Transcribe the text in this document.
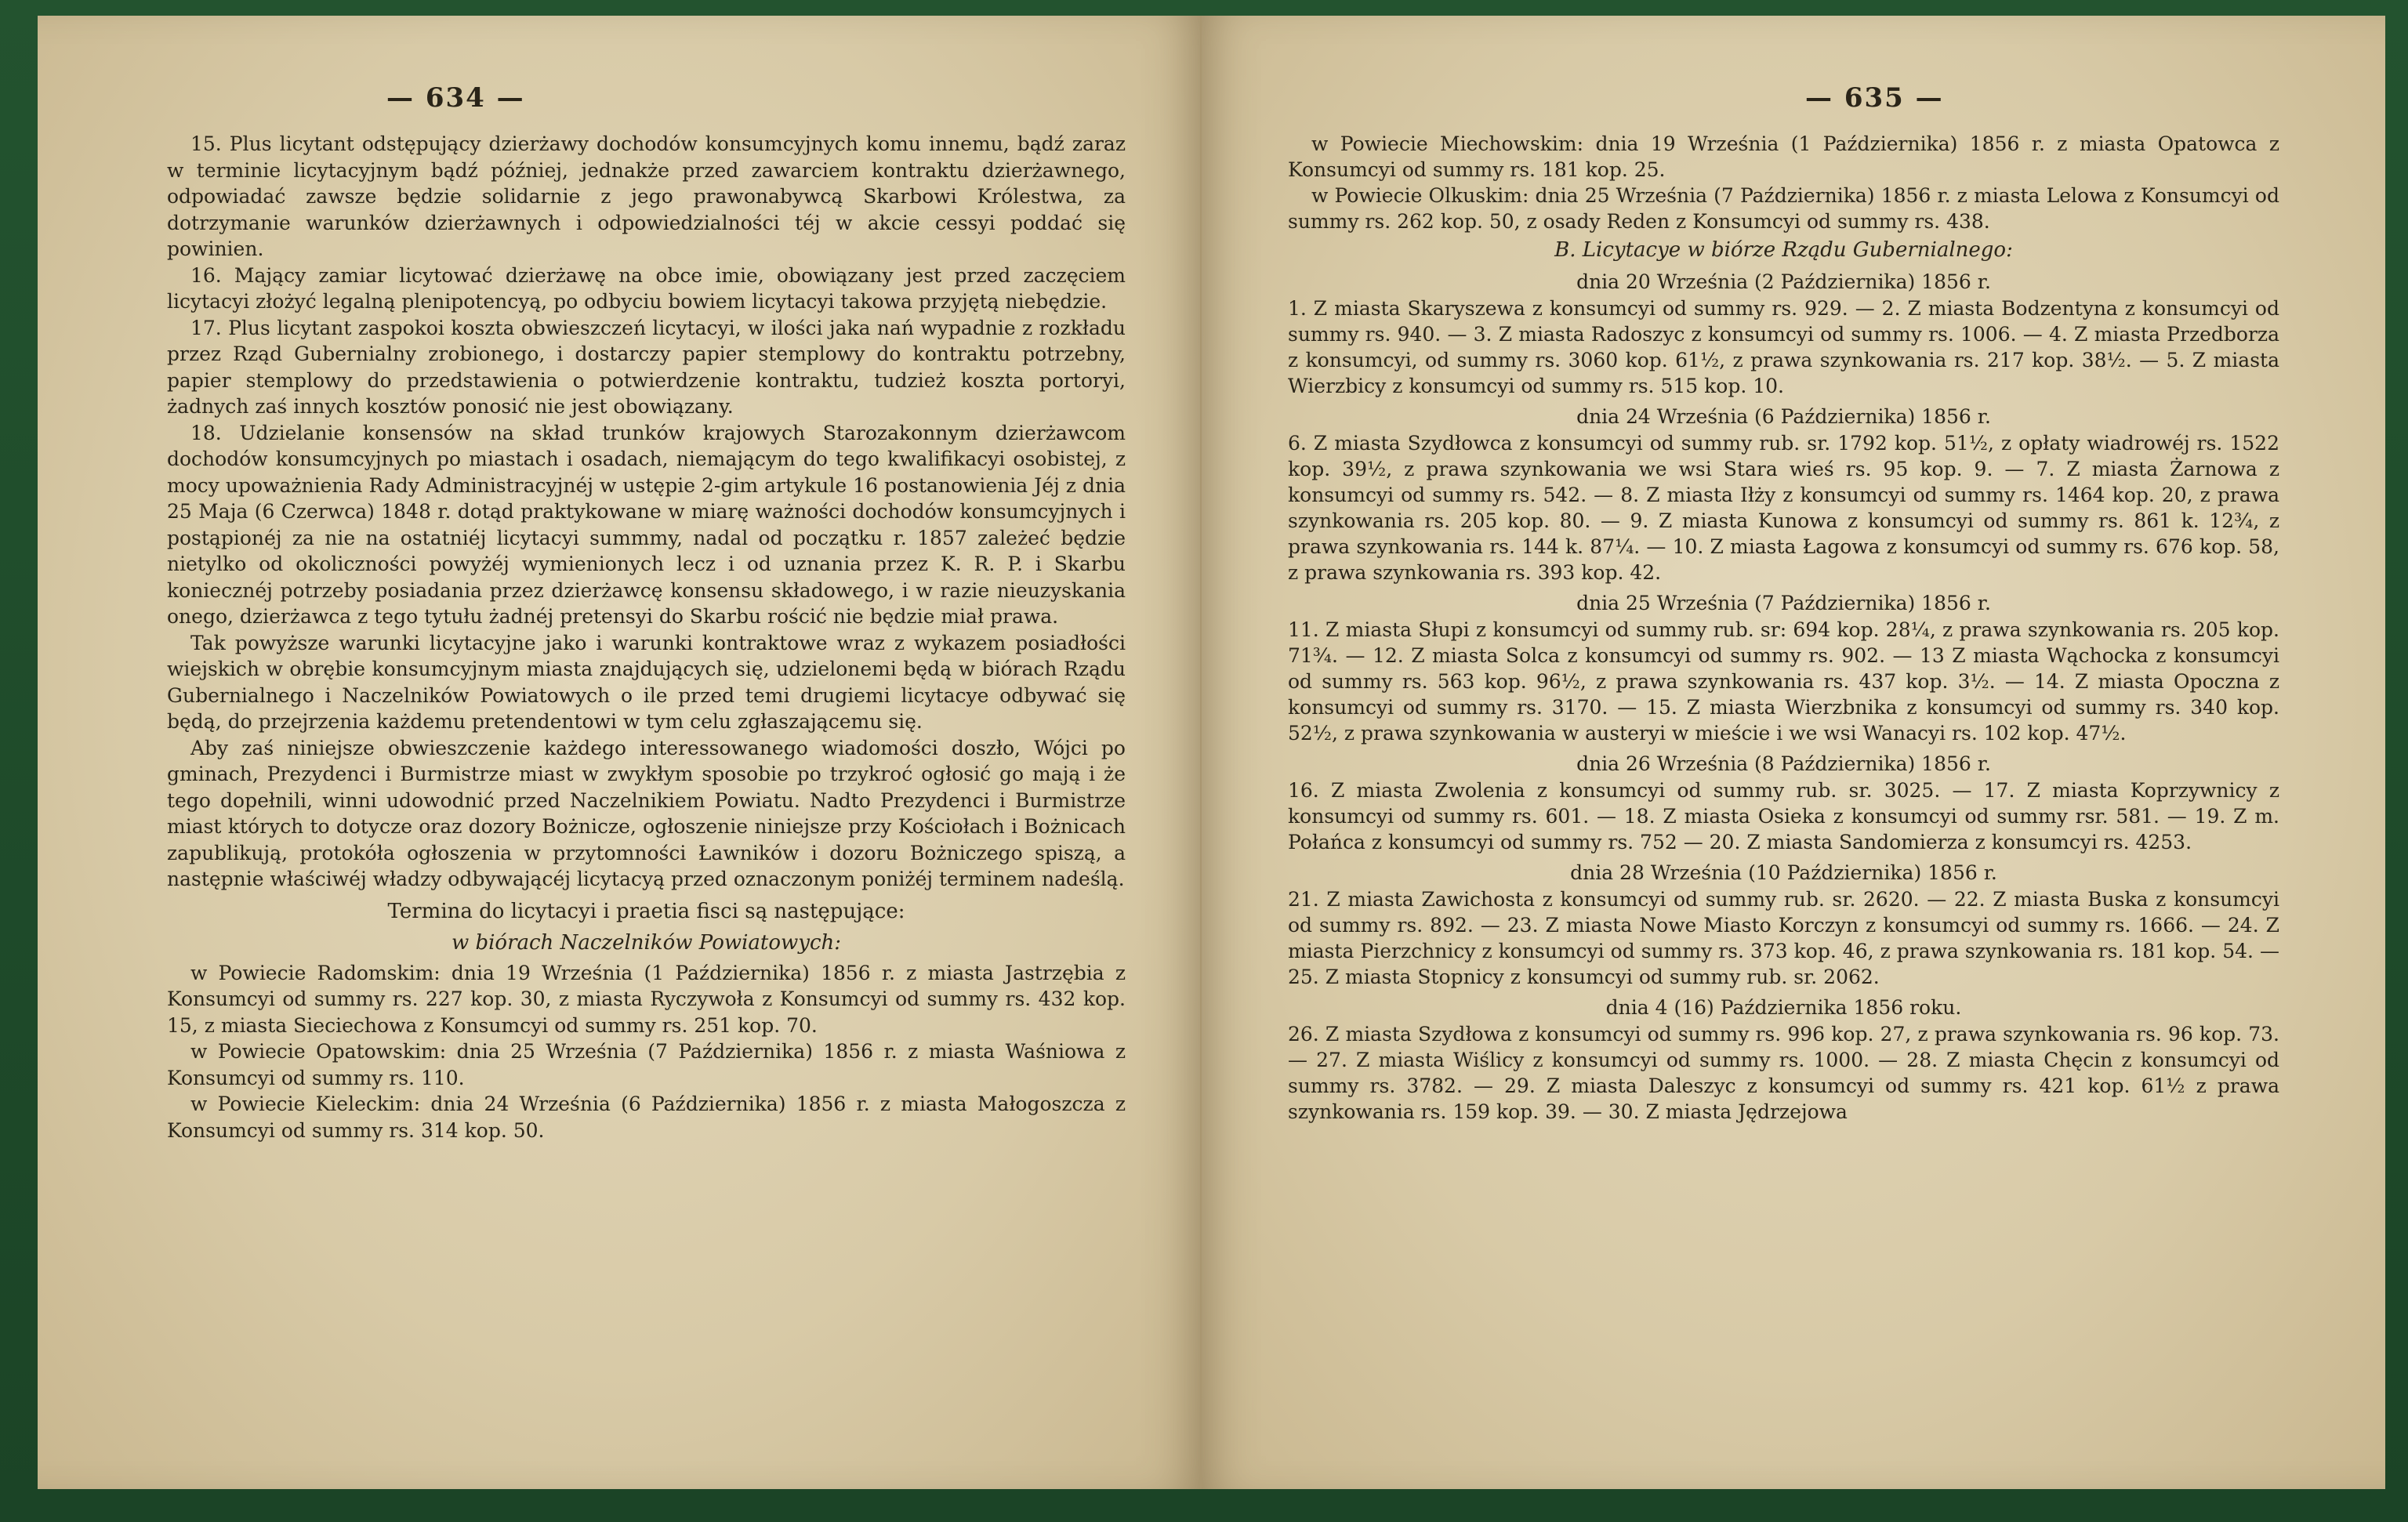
— 634 —

15. Plus licytant odstępujący dzierżawy dochodów konsumcyjnych komu innemu, bądź zaraz w terminie licytacyjnym bądź później, jednakże przed zawarciem kontraktu dzierżawnego, odpowiadać zawsze będzie solidarnie z jego prawonabywcą Skarbowi Królestwa, za dotrzymanie warunków dzierżawnych i odpowiedzialności téj w akcie cessyi poddać się powinien.

16. Mający zamiar licytować dzierżawę na obce imie, obowiązany jest przed zaczęciem licytacyi złożyć legalną plenipotencyą, po odbyciu bowiem licytacyi takowa przyjętą niebędzie.

17. Plus licytant zaspokoi koszta obwieszczeń licytacyi, w ilości jaka nań wypadnie z rozkładu przez Rząd Gubernialny zrobionego, i dostarczy papier stemplowy do kontraktu potrzebny, papier stemplowy do przedstawienia o potwierdzenie kontraktu, tudzież koszta portoryi, żadnych zaś innych kosztów ponosić nie jest obowiązany.

18. Udzielanie konsensów na skład trunków krajowych Starozakonnym dzierżawcom dochodów konsumcyjnych po miastach i osadach, niemającym do tego kwalifikacyi osobistej, z mocy upoważnienia Rady Administracyjnéj w ustępie 2-gim artykule 16 postanowienia Jéj z dnia 25 Maja (6 Czerwca) 1848 r. dotąd praktykowane w miarę ważności dochodów konsumcyjnych i postąpionéj za nie na ostatniéj licytacyi summmy, nadal od początku r. 1857 zależeć będzie nietylko od okoliczności powyżéj wymienionych lecz i od uznania przez K. R. P. i Skarbu koniecznéj potrzeby posiadania przez dzierżawcę konsensu składowego, i w razie nieuzyskania onego, dzierżawca z tego tytułu żadnéj pretensyi do Skarbu rościć nie będzie miał prawa.

Tak powyższe warunki licytacyjne jako i warunki kontraktowe wraz z wykazem posiadłości wiejskich w obrębie konsumcyjnym miasta znajdujących się, udzielonemi będą w biórach Rządu Gubernialnego i Naczelników Powiatowych o ile przed temi drugiemi licytacye odbywać się będą, do przejrzenia każdemu pretendentowi w tym celu zgłaszającemu się.

Aby zaś niniejsze obwieszczenie każdego interessowanego wiadomości doszło, Wójci po gminach, Prezydenci i Burmistrze miast w zwykłym sposobie po trzykroć ogłosić go mają i że tego dopełnili, winni udowodnić przed Naczelnikiem Powiatu. Nadto Prezydenci i Burmistrze miast których to dotycze oraz dozory Bożnicze, ogłoszenie niniejsze przy Kościołach i Bożnicach zapublikują, protokóła ogłoszenia w przytomności Ławników i dozoru Bożniczego spiszą, a następnie właściwéj władzy odbywającéj licytacyą przed oznaczonym poniżéj terminem nadeślą.

Termina do licytacyi i praetia fisci są następujące:
w biórach Naczelników Powiatowych:

w Powiecie Radomskim: dnia 19 Września (1 Października) 1856 r. z miasta Jastrzębia z Konsumcyi od summy rs. 227 kop. 30, z miasta Ryczywoła z Konsumcyi od summy rs. 432 kop. 15, z miasta Sieciechowa z Konsumcyi od summy rs. 251 kop. 70.

w Powiecie Opatowskim: dnia 25 Września (7 Października) 1856 r. z miasta Waśniowa z Konsumcyi od summy rs. 110.

w Powiecie Kieleckim: dnia 24 Września (6 Października) 1856 r. z miasta Małogoszcza z Konsumcyi od summy rs. 314 kop. 50.

— 635 —

w Powiecie Miechowskim: dnia 19 Września (1 Października) 1856 r. z miasta Opatowca z Konsumcyi od summy rs. 181 kop. 25.

w Powiecie Olkuskim: dnia 25 Września (7 Października) 1856 r. z miasta Lelowa z Konsumcyi od summy rs. 262 kop. 50, z osady Reden z Konsumcyi od summy rs. 438.

B. Licytacye w biórze Rządu Gubernialnego:
dnia 20 Września (2 Października) 1856 r.

1. Z miasta Skaryszewa z konsumcyi od summy rs. 929. — 2. Z miasta Bodzentyna z konsumcyi od summy rs. 940. — 3. Z miasta Radoszyc z konsumcyi od summy rs. 1006. — 4. Z miasta Przedborza z konsumcyi, od summy rs. 3060 kop. 61½, z prawa szynkowania rs. 217 kop. 38½. — 5. Z miasta Wierzbicy z konsumcyi od summy rs. 515 kop. 10.

dnia 24 Września (6 Października) 1856 r.

6. Z miasta Szydłowca z konsumcyi od summy rub. sr. 1792 kop. 51½, z opłaty wiadrowéj rs. 1522 kop. 39½, z prawa szynkowania we wsi Stara wieś rs. 95 kop. 9. — 7. Z miasta Żarnowa z konsumcyi od summy rs. 542. — 8. Z miasta Iłży z konsumcyi od summy rs. 1464 kop. 20, z prawa szynkowania rs. 205 kop. 80. — 9. Z miasta Kunowa z konsumcyi od summy rs. 861 k. 12¾, z prawa szynkowania rs. 144 k. 87¼. — 10. Z miasta Łagowa z konsumcyi od summy rs. 676 kop. 58, z prawa szynkowania rs. 393 kop. 42.

dnia 25 Września (7 Października) 1856 r.

11. Z miasta Słupi z konsumcyi od summy rub. sr: 694 kop. 28¼, z prawa szynkowania rs. 205 kop. 71¾. — 12. Z miasta Solca z konsumcyi od summy rs. 902. — 13 Z miasta Wąchocka z konsumcyi od summy rs. 563 kop. 96½, z prawa szynkowania rs. 437 kop. 3½. — 14. Z miasta Opoczna z konsumcyi od summy rs. 3170. — 15. Z miasta Wierzbnika z konsumcyi od summy rs. 340 kop. 52½, z prawa szynkowania w austeryi w mieście i we wsi Wanacyi rs. 102 kop. 47½.

dnia 26 Września (8 Października) 1856 r.

16. Z miasta Zwolenia z konsumcyi od summy rub. sr. 3025. — 17. Z miasta Koprzywnicy z konsumcyi od summy rs. 601. — 18. Z miasta Osieka z konsumcyi od summy rsr. 581. — 19. Z m. Połańca z konsumcyi od summy rs. 752 — 20. Z miasta Sandomierza z konsumcyi rs. 4253.

dnia 28 Września (10 Października) 1856 r.

21. Z miasta Zawichosta z konsumcyi od summy rub. sr. 2620. — 22. Z miasta Buska z konsumcyi od summy rs. 892. — 23. Z miasta Nowe Miasto Korczyn z konsumcyi od summy rs. 1666. — 24. Z miasta Pierzchnicy z konsumcyi od summy rs. 373 kop. 46, z prawa szynkowania rs. 181 kop. 54. — 25. Z miasta Stopnicy z konsumcyi od summy rub. sr. 2062.

dnia 4 (16) Października 1856 roku.

26. Z miasta Szydłowa z konsumcyi od summy rs. 996 kop. 27, z prawa szynkowania rs. 96 kop. 73. — 27. Z miasta Wiślicy z konsumcyi od summy rs. 1000. — 28. Z miasta Chęcin z konsumcyi od summy rs. 3782. — 29. Z miasta Daleszyc z konsumcyi od summy rs. 421 kop. 61½ z prawa szynkowania rs. 159 kop. 39. — 30. Z miasta Jędrzejowa
